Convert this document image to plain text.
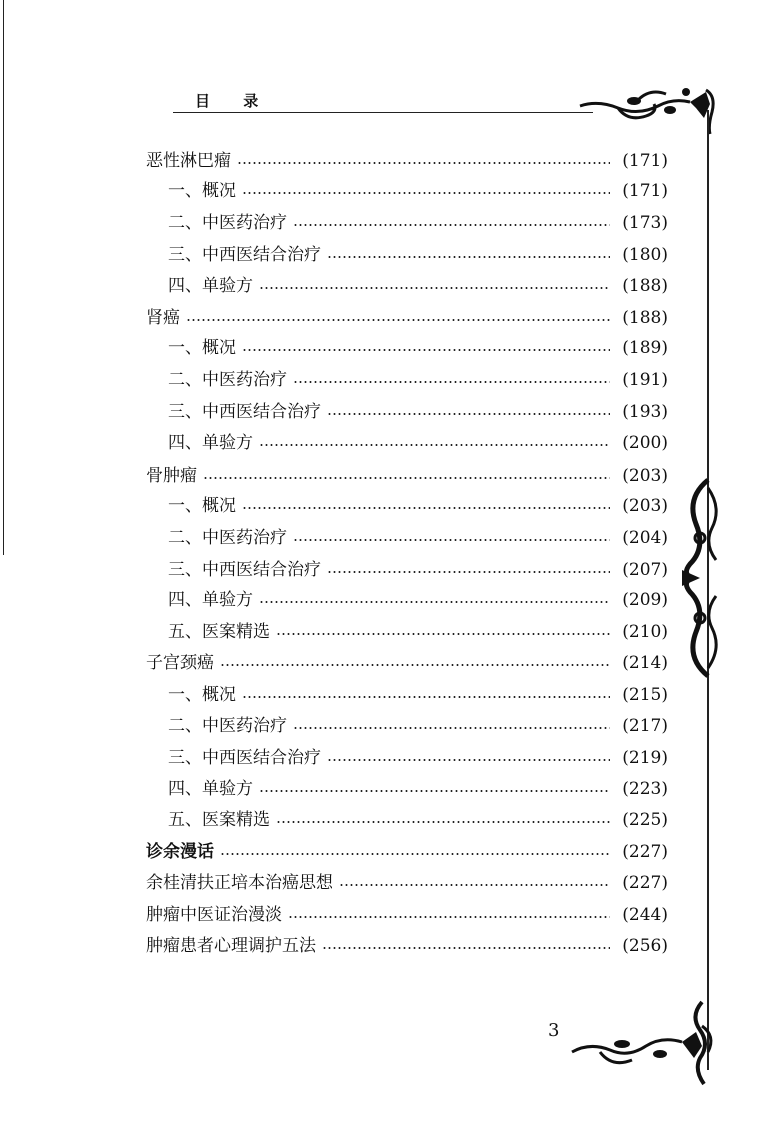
目 录
恶性淋巴瘤	(171)
一、概况	(171)
二、中医药治疗	(173)
三、中西医结合治疗	(180)
四、单验方	(188)
肾癌	(188)
一、概况	(189)
二、中医药治疗	(191)
三、中西医结合治疗	(193)
四、单验方	(200)
骨肿瘤	(203)
一、概况	(203)
二、中医药治疗	(204)
三、中西医结合治疗	(207)
四、单验方	(209)
五、医案精选	(210)
子宫颈癌	(214)
一、概况	(215)
二、中医药治疗	(217)
三、中西医结合治疗	(219)
四、单验方	(223)
五、医案精选	(225)
诊余漫话	(227)
余桂清扶正培本治癌思想	(227)
肿瘤中医证治漫淡	(244)
肿瘤患者心理调护五法	(256)
3
